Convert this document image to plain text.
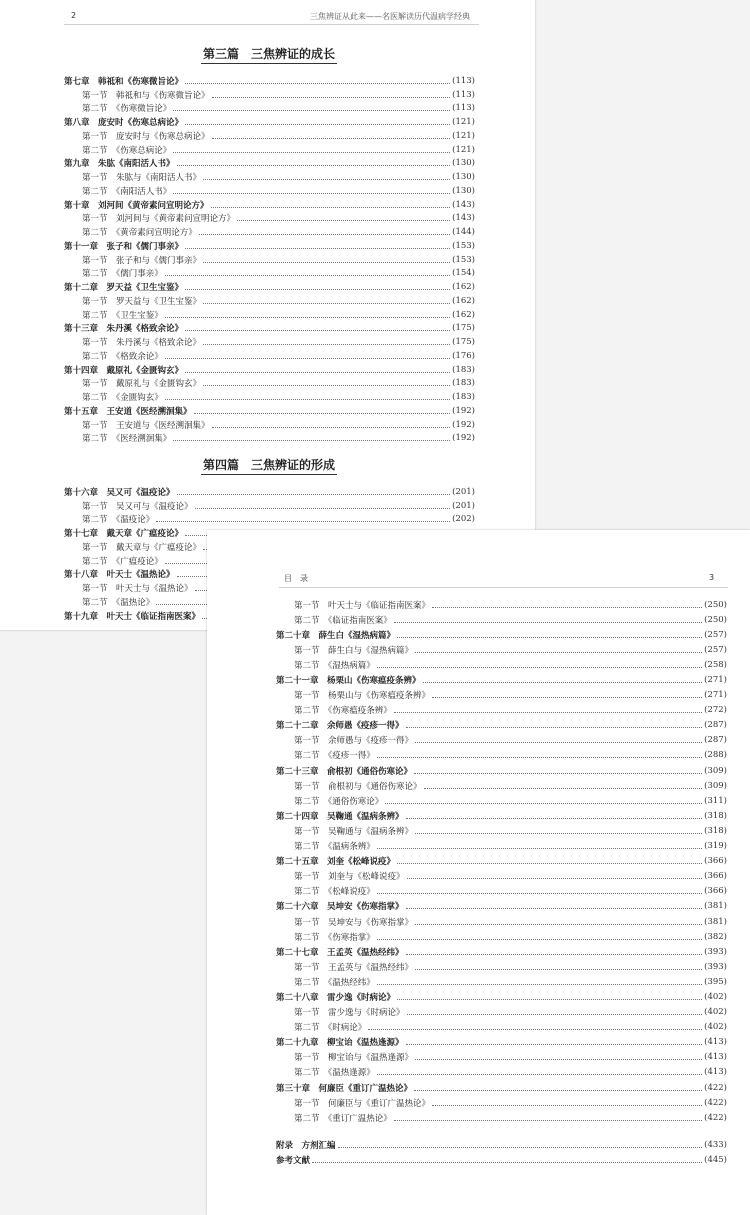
2	三焦辨证从此来——名医解读历代温病学经典
第三篇　三焦辨证的成长
第七章　韩祗和《伤寒微旨论》	(113)
第一节　韩祗和与《伤寒微旨论》	(113)
第二节　《伤寒微旨论》	(113)
第八章　庞安时《伤寒总病论》	(121)
第一节　庞安时与《伤寒总病论》	(121)
第二节　《伤寒总病论》	(121)
第九章　朱肱《南阳活人书》	(130)
第一节　朱肱与《南阳活人书》	(130)
第二节　《南阳活人书》	(130)
第十章　刘河间《黄帝素问宣明论方》	(143)
第一节　刘河间与《黄帝素问宣明论方》	(143)
第二节　《黄帝素问宣明论方》	(144)
第十一章　张子和《儒门事亲》	(153)
第一节　张子和与《儒门事亲》	(153)
第二节　《儒门事亲》	(154)
第十二章　罗天益《卫生宝鉴》	(162)
第一节　罗天益与《卫生宝鉴》	(162)
第二节　《卫生宝鉴》	(162)
第十三章　朱丹溪《格致余论》	(175)
第一节　朱丹溪与《格致余论》	(175)
第二节　《格致余论》	(176)
第十四章　戴原礼《金匮钩玄》	(183)
第一节　戴原礼与《金匮钩玄》	(183)
第二节　《金匮钩玄》	(183)
第十五章　王安道《医经溯洄集》	(192)
第一节　王安道与《医经溯洄集》	(192)
第二节　《医经溯洄集》	(192)
第四篇　三焦辨证的形成
第十六章　吴又可《温疫论》	(201)
第一节　吴又可与《温疫论》	(201)
第二节　《温疫论》	(202)
第十七章　戴天章《广瘟疫论》
第一节　戴天章与《广瘟疫论》
第二节　《广瘟疫论》
第十八章　叶天士《温热论》
第一节　叶天士与《温热论》
第二节　《温热论》
第十九章　叶天士《临证指南医案》
目　录	3
第一节　叶天士与《临证指南医案》	(250)
第二节　《临证指南医案》	(250)
第二十章　薛生白《湿热病篇》	(257)
第一节　薛生白与《湿热病篇》	(257)
第二节　《湿热病篇》	(258)
第二十一章　杨栗山《伤寒瘟疫条辨》	(271)
第一节　杨栗山与《伤寒瘟疫条辨》	(271)
第二节　《伤寒瘟疫条辨》	(272)
第二十二章　余师愚《疫疹一得》	(287)
第一节　余师愚与《疫疹一得》	(287)
第二节　《疫疹一得》	(288)
第二十三章　俞根初《通俗伤寒论》	(309)
第一节　俞根初与《通俗伤寒论》	(309)
第二节　《通俗伤寒论》	(311)
第二十四章　吴鞠通《温病条辨》	(318)
第一节　吴鞠通与《温病条辨》	(318)
第二节　《温病条辨》	(319)
第二十五章　刘奎《松峰说疫》	(366)
第一节　刘奎与《松峰说疫》	(366)
第二节　《松峰说疫》	(366)
第二十六章　吴坤安《伤寒指掌》	(381)
第一节　吴坤安与《伤寒指掌》	(381)
第二节　《伤寒指掌》	(382)
第二十七章　王孟英《温热经纬》	(393)
第一节　王孟英与《温热经纬》	(393)
第二节　《温热经纬》	(395)
第二十八章　雷少逸《时病论》	(402)
第一节　雷少逸与《时病论》	(402)
第二节　《时病论》	(402)
第二十九章　柳宝诒《温热逢源》	(413)
第一节　柳宝诒与《温热逢源》	(413)
第二节　《温热逢源》	(413)
第三十章　何廉臣《重订广温热论》	(422)
第一节　何廉臣与《重订广温热论》	(422)
第二节　《重订广温热论》	(422)
附录　方剂汇编	(433)
参考文献	(445)
